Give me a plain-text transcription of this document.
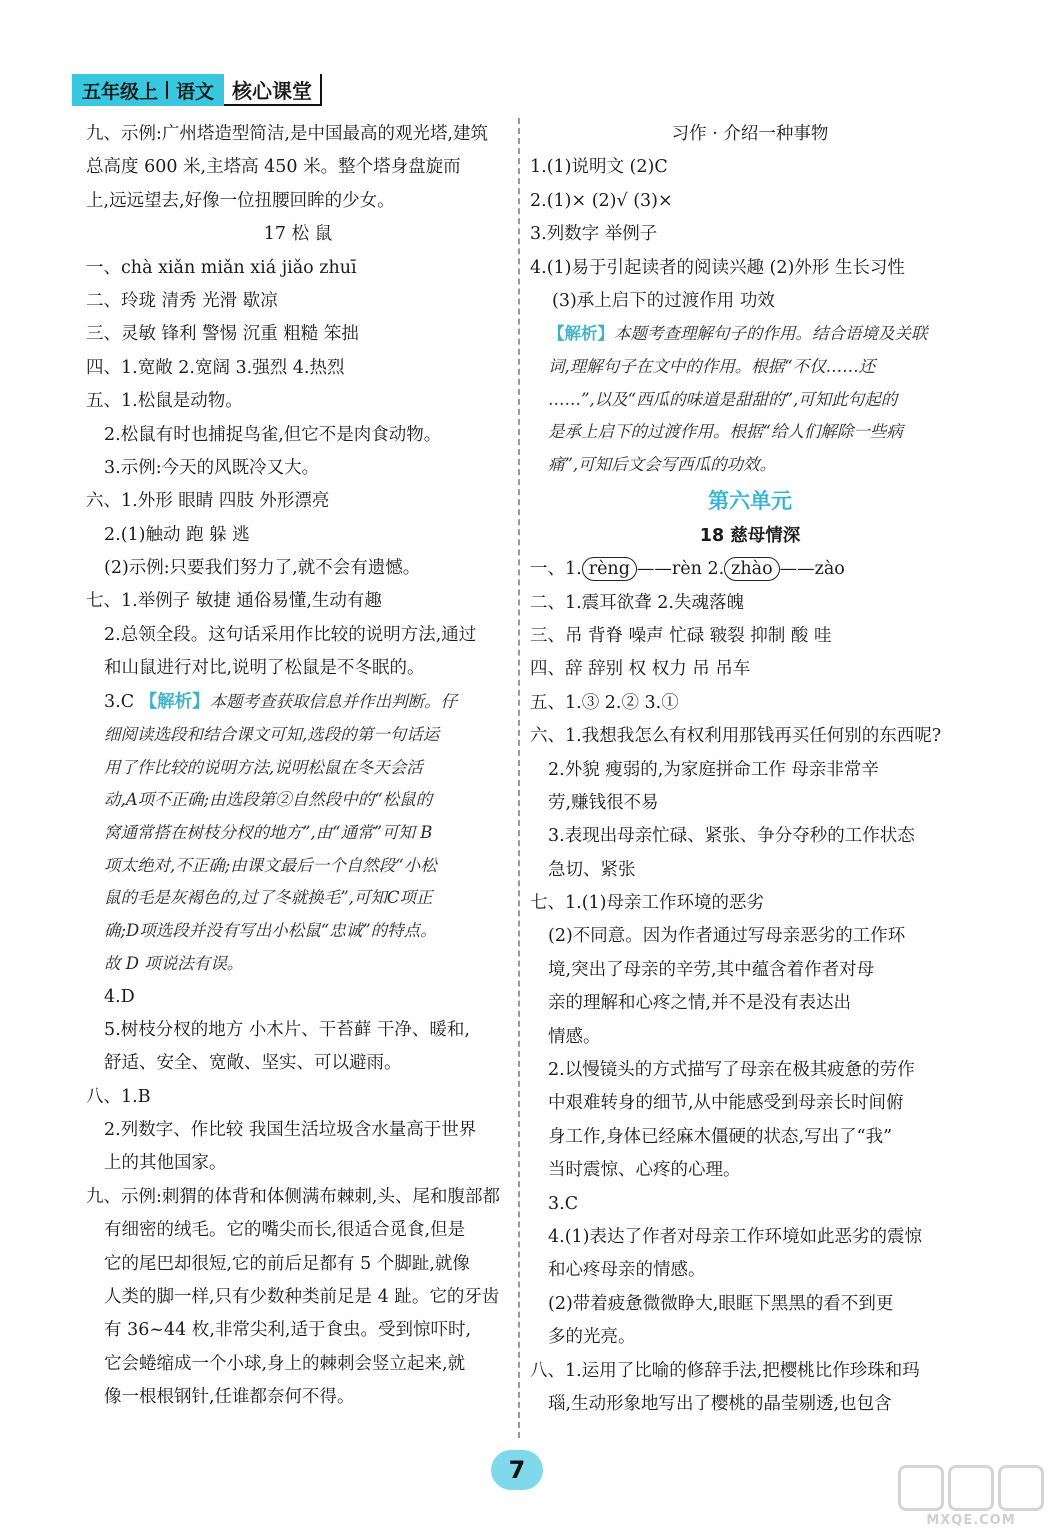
五年级上 语文 核心课堂
九、示例:广州塔造型简洁,是中国最高的观光塔,建筑
总高度 600 米,主塔高 450 米。整个塔身盘旋而
上,远远望去,好像一位扭腰回眸的少女。
17 松 鼠
一、chà xiǎn miǎn xiá jiǎo zhuī
二、玲珑 清秀 光滑 歇凉
三、灵敏 锋利 警惕 沉重 粗糙 笨拙
四、1.宽敞 2.宽阔 3.强烈 4.热烈
五、1.松鼠是动物。
2.松鼠有时也捕捉鸟雀,但它不是肉食动物。
3.示例:今天的风既冷又大。
六、1.外形 眼睛 四肢 外形漂亮
2.(1)触动 跑 躲 逃
(2)示例:只要我们努力了,就不会有遗憾。
七、1.举例子 敏捷 通俗易懂,生动有趣
2.总领全段。这句话采用作比较的说明方法,通过
和山鼠进行对比,说明了松鼠是不冬眠的。
3.C 【解析】本题考查获取信息并作出判断。仔
细阅读选段和结合课文可知,选段的第一句话运
用了作比较的说明方法,说明松鼠在冬天会活
动,A项不正确;由选段第②自然段中的“松鼠的
窝通常搭在树枝分杈的地方”,由“通常”可知 B
项太绝对,不正确;由课文最后一个自然段“小松
鼠的毛是灰褐色的,过了冬就换毛”,可知C项正
确;D项选段并没有写出小松鼠“忠诚”的特点。
故 D 项说法有误。
4.D
5.树枝分杈的地方 小木片、干苔藓 干净、暖和,
舒适、安全、宽敞、坚实、可以避雨。
八、1.B
2.列数字、作比较 我国生活垃圾含水量高于世界
上的其他国家。
九、示例:刺猬的体背和体侧满布棘刺,头、尾和腹部都
有细密的绒毛。它的嘴尖而长,很适合觅食,但是
它的尾巴却很短,它的前后足都有 5 个脚趾,就像
人类的脚一样,只有少数种类前足是 4 趾。它的牙齿
有 36~44 枚,非常尖利,适于食虫。受到惊吓时,
它会蜷缩成一个小球,身上的棘刺会竖立起来,就
像一根根钢针,任谁都奈何不得。
习作 · 介绍一种事物
1.(1)说明文 (2)C
2.(1)× (2)√ (3)×
3.列数字 举例子
4.(1)易于引起读者的阅读兴趣 (2)外形 生长习性
(3)承上启下的过渡作用 功效
【解析】本题考查理解句子的作用。结合语境及关联
词,理解句子在文中的作用。根据“不仅……还
……”,以及“西瓜的味道是甜甜的”,可知此句起的
是承上启下的过渡作用。根据“给人们解除一些病
痛”,可知后文会写西瓜的功效。
第六单元
18 慈母情深
一、1. rèng ——rèn 2. zhào ——zào
二、1.震耳欲聋 2.失魂落魄
三、吊 背脊 噪声 忙碌 皲裂 抑制 酸 哇
四、辞 辞别 权 权力 吊 吊车
五、1.③ 2.② 3.①
六、1.我想我怎么有权利用那钱再买任何别的东西呢?
2.外貌 瘦弱的,为家庭拼命工作 母亲非常辛
劳,赚钱很不易
3.表现出母亲忙碌、紧张、争分夺秒的工作状态
急切、紧张
七、1.(1)母亲工作环境的恶劣
(2)不同意。因为作者通过写母亲恶劣的工作环
境,突出了母亲的辛劳,其中蕴含着作者对母
亲的理解和心疼之情,并不是没有表达出
情感。
2.以慢镜头的方式描写了母亲在极其疲惫的劳作
中艰难转身的细节,从中能感受到母亲长时间俯
身工作,身体已经麻木僵硬的状态,写出了“我”
当时震惊、心疼的心理。
3.C
4.(1)表达了作者对母亲工作环境如此恶劣的震惊
和心疼母亲的情感。
(2)带着疲惫微微睁大,眼眶下黑黑的看不到更
多的光亮。
八、1.运用了比喻的修辞手法,把樱桃比作珍珠和玛
瑙,生动形象地写出了樱桃的晶莹剔透,也包含
7
MXQE.COM
